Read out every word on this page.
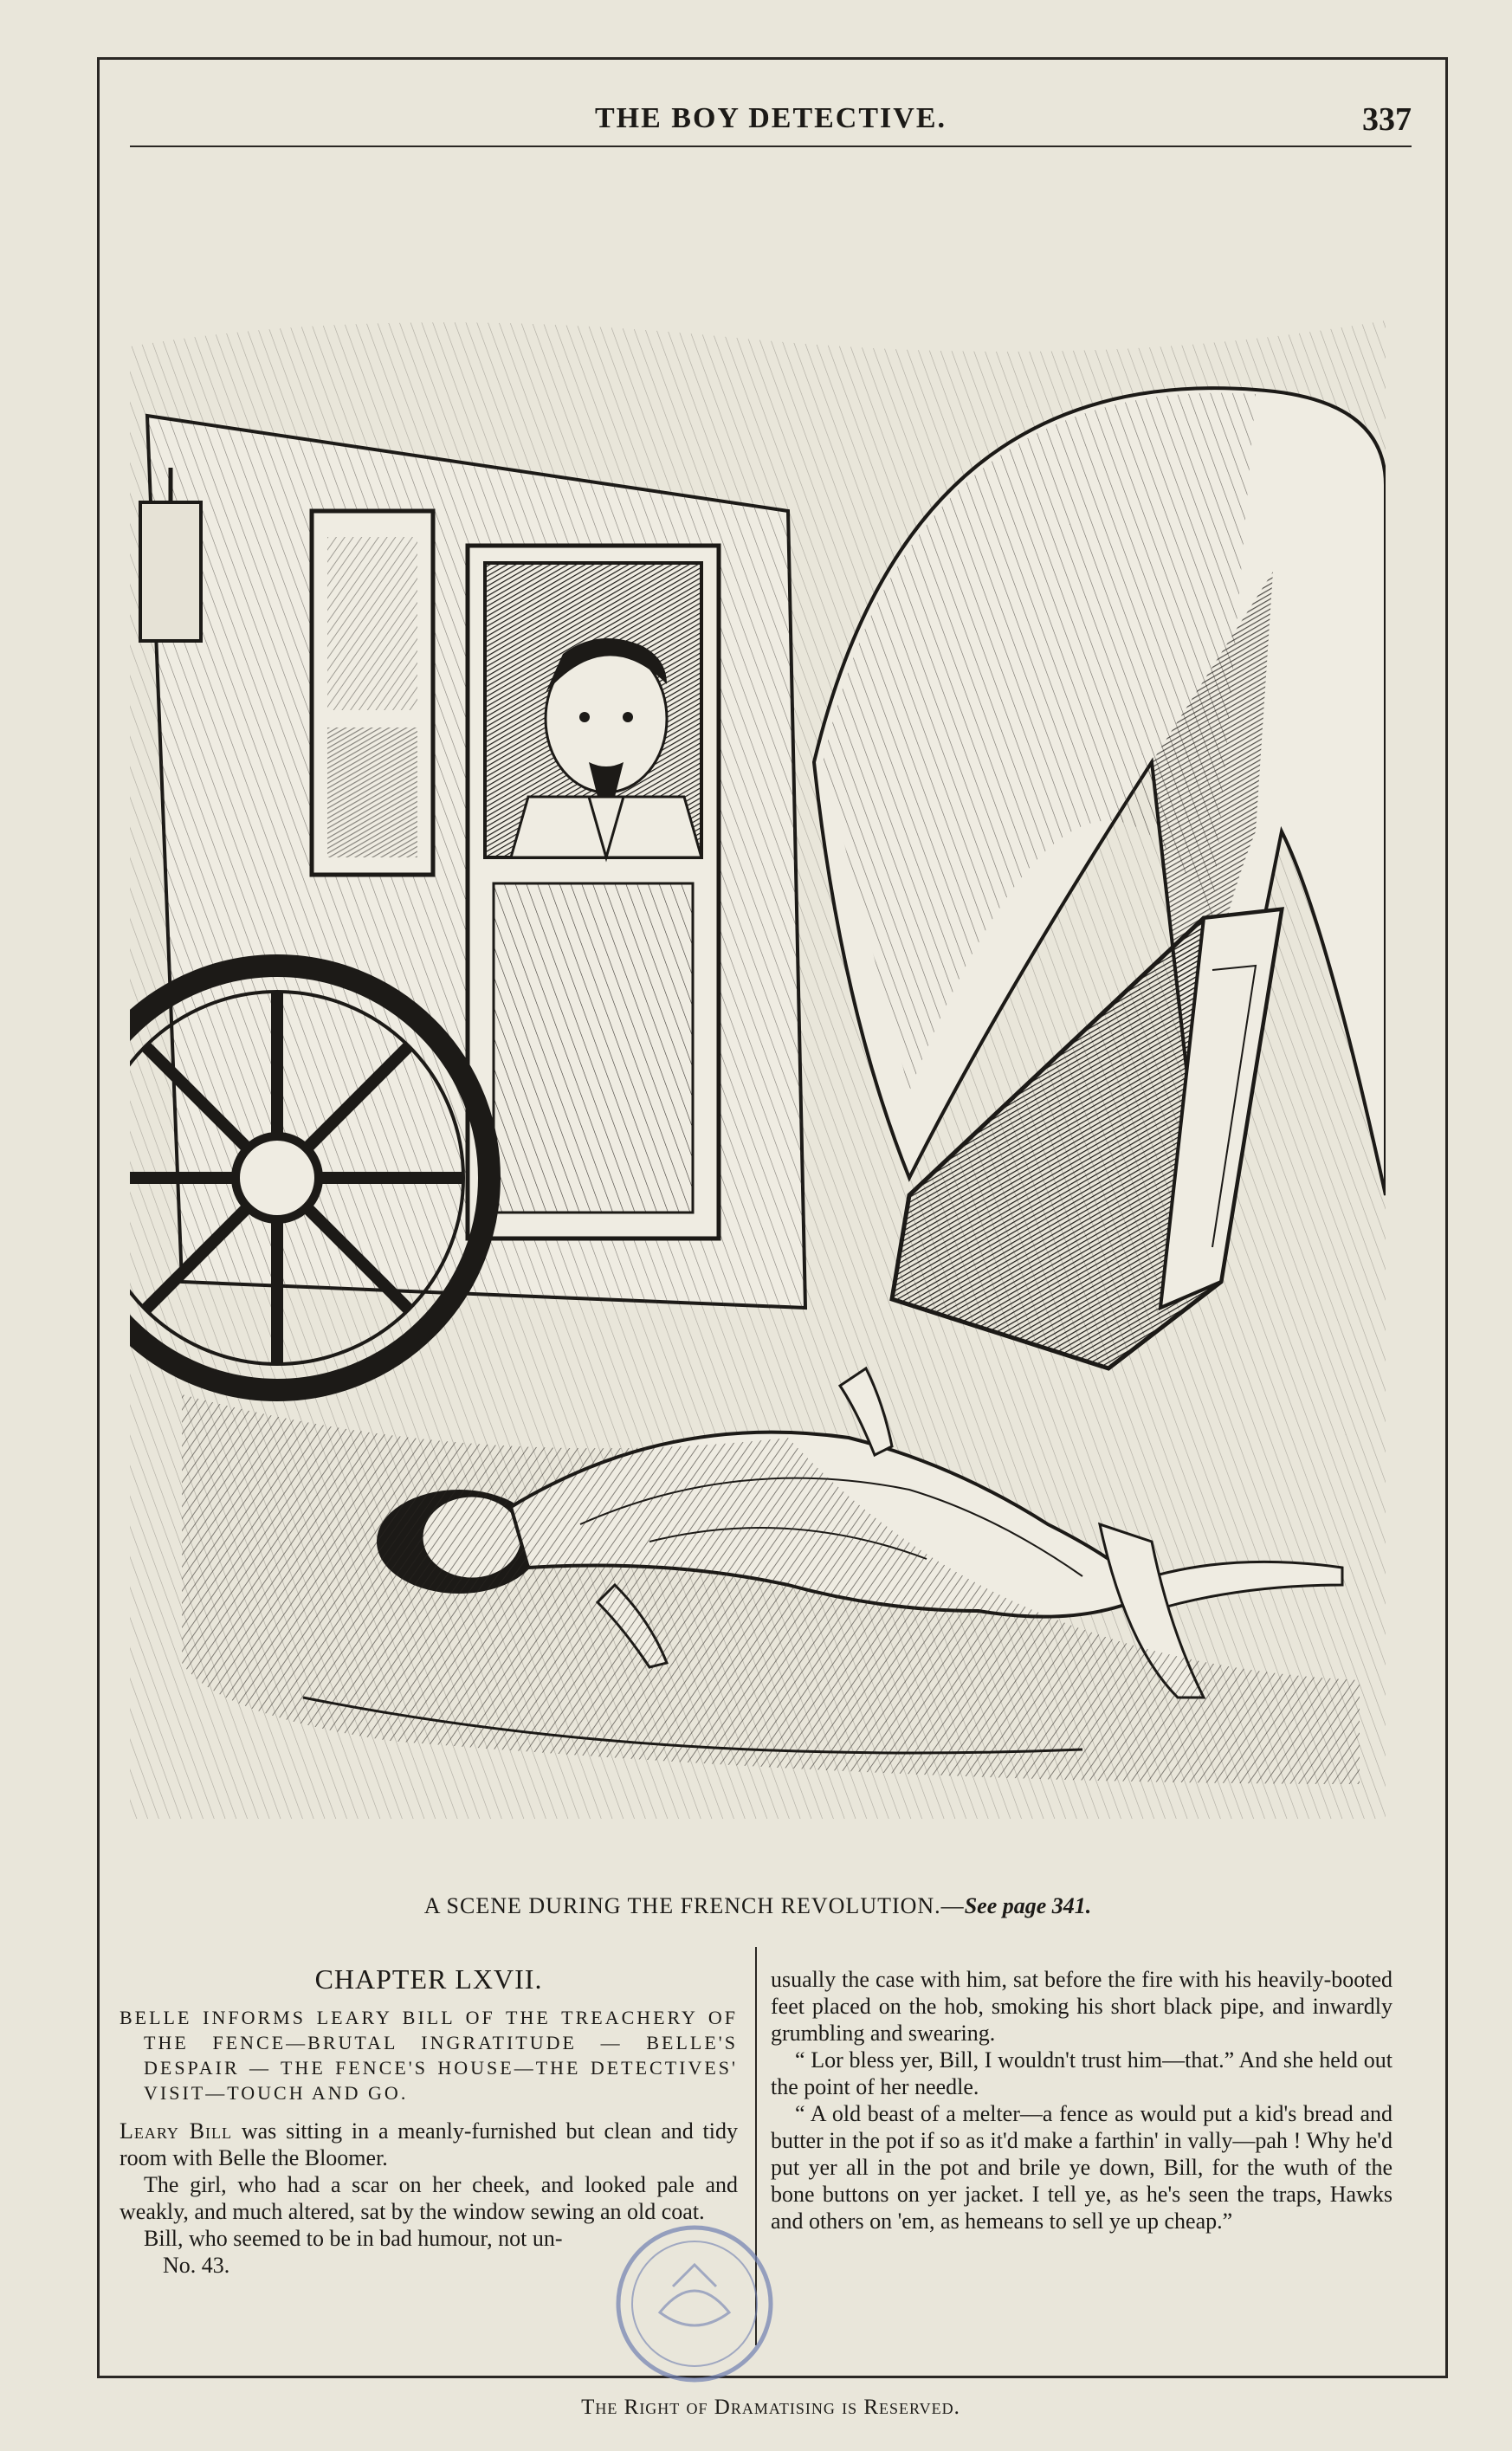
THE BOY DETECTIVE.	337
A SCENE DURING THE FRENCH REVOLUTION.—See page 341.
CHAPTER LXVII.

BELLE INFORMS LEARY BILL OF THE TREACHERY OF THE FENCE—BRUTAL INGRATITUDE — BELLE'S DESPAIR — THE FENCE'S HOUSE—THE DETECTIVES' VISIT—TOUCH AND GO.

Leary Bill was sitting in a meanly-furnished but clean and tidy room with Belle the Bloomer.

The girl, who had a scar on her cheek, and looked pale and weakly, and much altered, sat by the window sewing an old coat.

Bill, who seemed to be in bad humour, not un-

No. 43.

usually the case with him, sat before the fire with his heavily-booted feet placed on the hob, smoking his short black pipe, and inwardly grumbling and swearing.

“ Lor bless yer, Bill, I wouldn't trust him—that.” And she held out the point of her needle.

“ A old beast of a melter—a fence as would put a kid's bread and butter in the pot if so as it'd make a farthin' in vally—pah ! Why he'd put yer all in the pot and brile ye down, Bill, for the wuth of the bone buttons on yer jacket. I tell ye, as he's seen the traps, Hawks and others on 'em, as hemeans to sell ye up cheap.”

The Right of Dramatising is Reserved.
